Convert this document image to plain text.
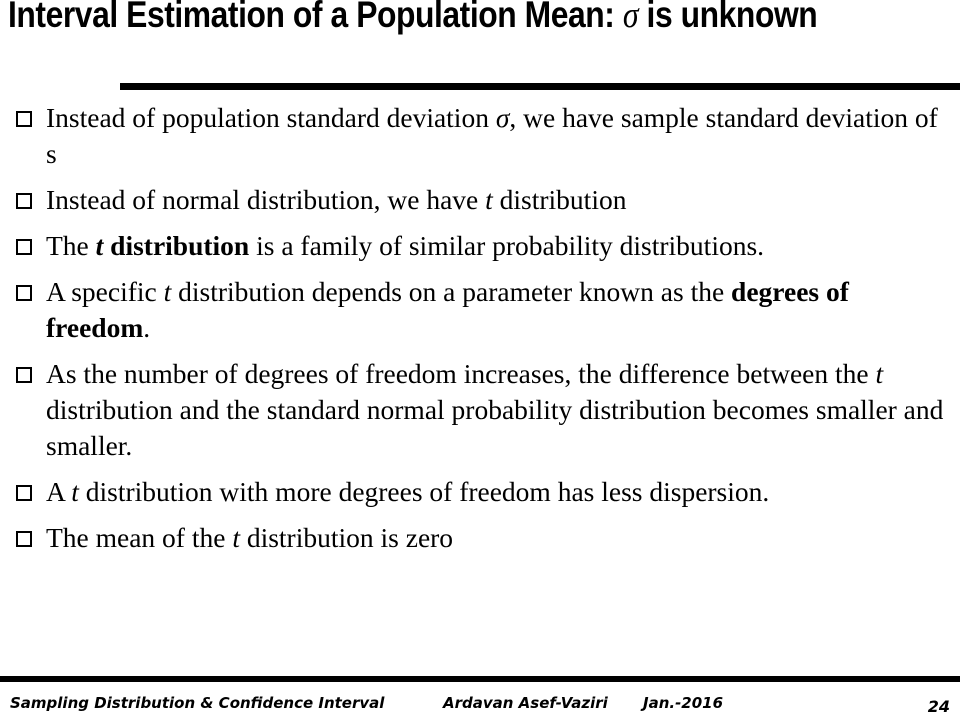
Interval Estimation of a Population Mean: σ is unknown
Instead of population standard deviation σ, we have sample standard deviation of s
Instead of normal distribution, we have t distribution
The t distribution is a family of similar probability distributions.
A specific t distribution depends on a parameter known as the degrees of freedom.
As the number of degrees of freedom increases, the difference between the t distribution and the standard normal probability distribution becomes smaller and smaller.
A t distribution with more degrees of freedom has less dispersion.
The mean of the t distribution is zero
Sampling Distribution & Confidence Interval	Ardavan Asef-Vaziri Jan.-2016	24
